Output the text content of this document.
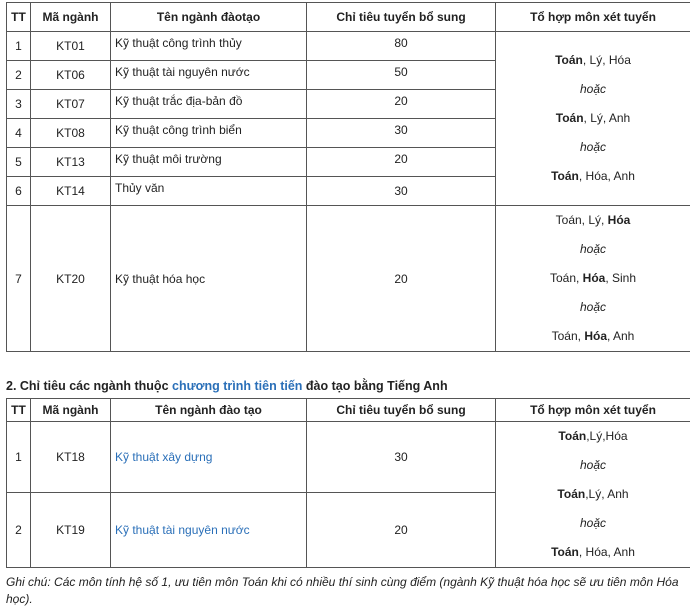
TT	Mã ngành	Tên ngành đàotạo	Chỉ tiêu tuyển bổ sung	Tổ hợp môn xét tuyển
1	KT01	Kỹ thuật công trình thủy	80	Toán, Lý, Hóa
hoặc
Toán, Lý, Anh
hoặc
Toán, Hóa, Anh

2	KT06	Kỹ thuật tài nguyên nước	50	
3	KT07	Kỹ thuật trắc địa-bản đồ	20	
4	KT08	Kỹ thuật công trình biển	30	
5	KT13	Kỹ thuật môi trường	20	
6	KT14	Thủy văn	30	
7	KT20	Kỹ thuật hóa học	20	Toán, Lý, Hóa
hoặc
Toán, Hóa, Sinh
hoặc
Toán, Hóa, Anh
2. Chỉ tiêu các ngành thuộc chương trình tiên tiến đào tạo bằng Tiếng Anh
TT	Mã ngành	Tên ngành đào tạo	Chỉ tiêu tuyển bổ sung	Tổ hợp môn xét tuyển
1	KT18	Kỹ thuật xây dựng	30	Toán,Lý,Hóa
hoặc
Toán,Lý, Anh
hoặc
Toán, Hóa, Anh

2	KT19	Kỹ thuật tài nguyên nước	20	
Ghi chú: Các môn tính hệ số 1, ưu tiên môn Toán khi có nhiều thí sinh cùng điểm (ngành Kỹ thuật hóa học sẽ ưu tiên môn Hóa học).
